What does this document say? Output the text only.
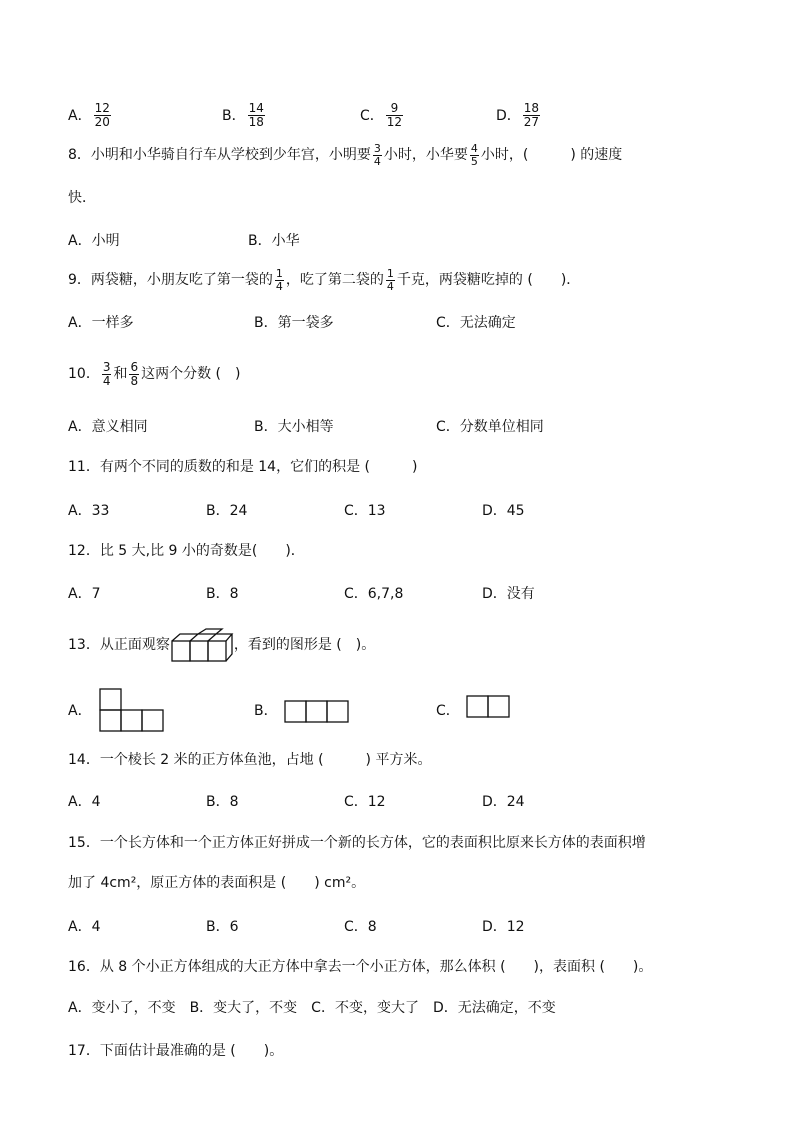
A． $\frac{12}{20}$	B． $\frac{14}{18}$	C． $\frac{9}{12}$	D． $\frac{18}{27}$
8．小明和小华骑自行车从学校到少年宫，小明要 $\frac{3}{4}$ 小时，小华要 $\frac{4}{5}$ 小时，(　　　) 的速度
快．
A．小明	B．小华
9．两袋糖，小朋友吃了第一袋的 $\frac{1}{4}$ ，吃了第二袋的 $\frac{1}{4}$ 千克，两袋糖吃掉的 (　　)．
A．一样多	B．第一袋多	C．无法确定
10． $\frac{3}{4}$ 和 $\frac{6}{8}$ 这两个分数 (　)
A．意义相同	B．大小相等	C．分数单位相同
11．有两个不同的质数的和是 14，它们的积是 (　　　)
A．33	B．24	C．13	D．45
12．比 5 大,比 9 小的奇数是(　　)．
A．7	B．8	C．6,7,8	D．没有
13．从正面观察	，看到的图形是 (　)。
A．	B．	C．
14．一个棱长 2 米的正方体鱼池，占地 (　　　) 平方米。
A．4	B．8	C．12	D．24
15．一个长方体和一个正方体正好拼成一个新的长方体，它的表面积比原来长方体的表面积增
加了 4cm²，原正方体的表面积是 (　　) cm²。
A．4	B．6	C．8	D．12
16．从 8 个小正方体组成的大正方体中拿去一个小正方体，那么体积 (　　)，表面积 (　　)。
A．变小了，不变　B．变大了，不变　C．不变，变大了　D．无法确定，不变
17．下面估计最准确的是 (　　)。
